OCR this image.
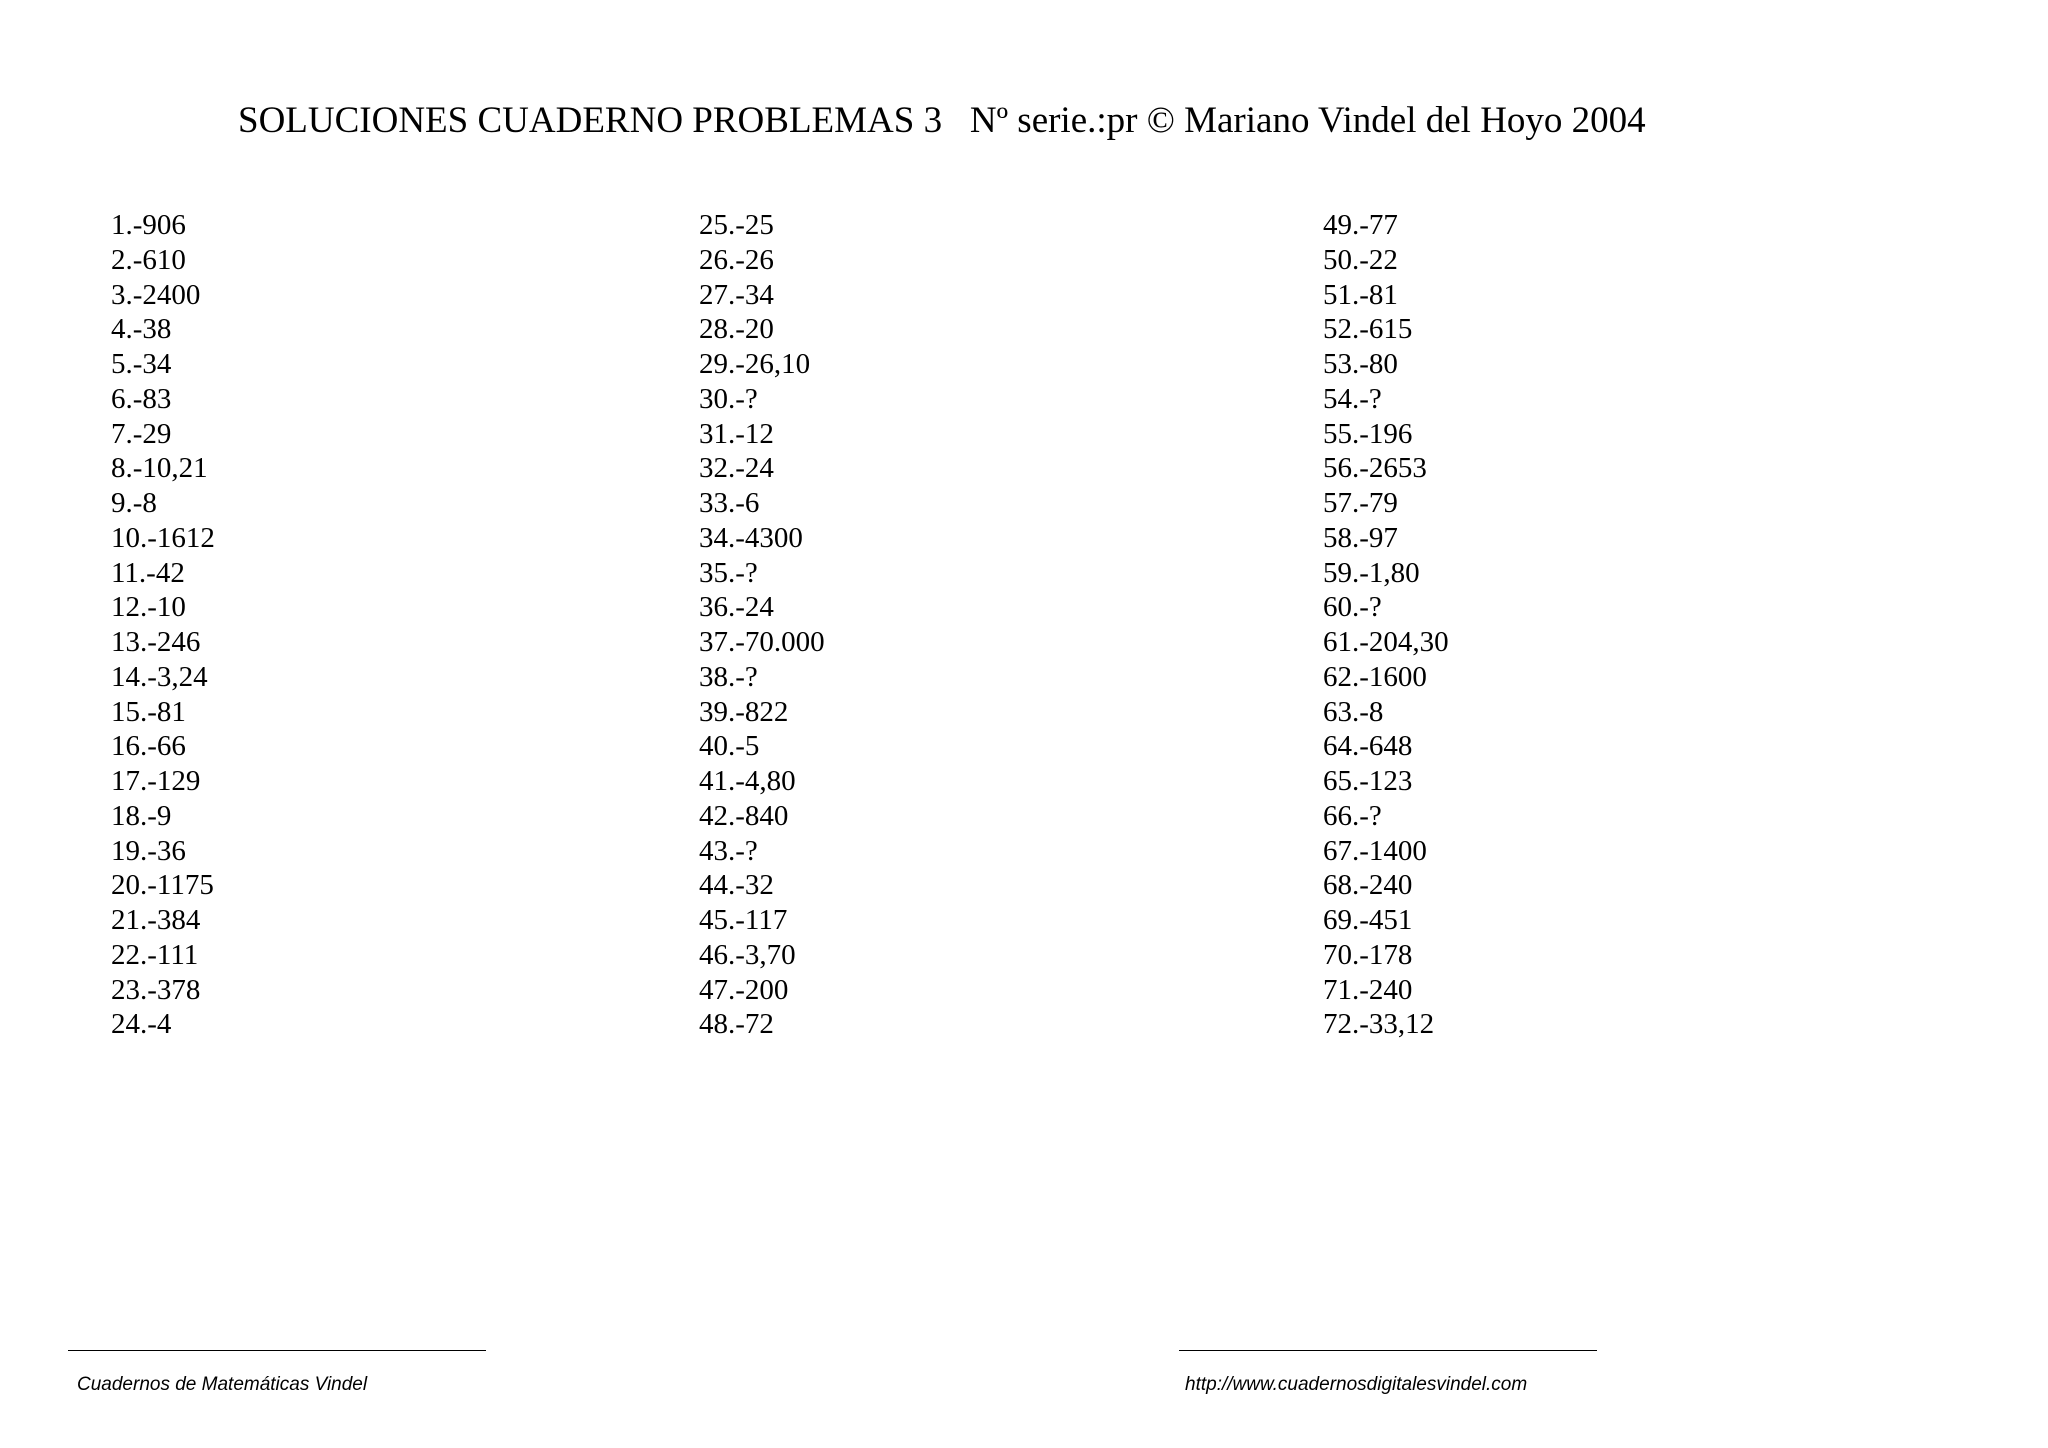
SOLUCIONES CUADERNO PROBLEMAS 3   Nº serie.:pr © Mariano Vindel del Hoyo 2004
1.-906
2.-610
3.-2400
4.-38
5.-34
6.-83
7.-29
8.-10,21
9.-8
10.-1612
11.-42
12.-10
13.-246
14.-3,24
15.-81
16.-66
17.-129
18.-9
19.-36
20.-1175
21.-384
22.-111
23.-378
24.-4
25.-25
26.-26
27.-34
28.-20
29.-26,10
30.-?
31.-12
32.-24
33.-6
34.-4300
35.-?
36.-24
37.-70.000
38.-?
39.-822
40.-5
41.-4,80
42.-840
43.-?
44.-32
45.-117
46.-3,70
47.-200
48.-72
49.-77
50.-22
51.-81
52.-615
53.-80
54.-?
55.-196
56.-2653
57.-79
58.-97
59.-1,80
60.-?
61.-204,30
62.-1600
63.-8
64.-648
65.-123
66.-?
67.-1400
68.-240
69.-451
70.-178
71.-240
72.-33,12
Cuadernos de Matemáticas Vindel	http://www.cuadernosdigitalesvindel.com
